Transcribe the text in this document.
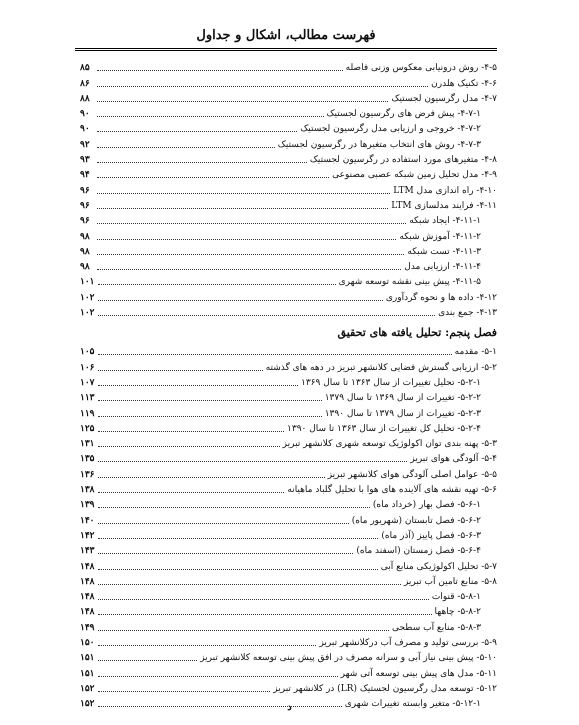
فهرست مطالب، اشکال و جداول
۴-۵- روش درونیابی معکوس وزنی فاصله
۸۵
۴-۶- تکنیک هلدرن
۸۶
۴-۷- مدل رگرسیون لجستیک
۸۸
۴-۷-۱- پیش فرض های رگرسیون لجستیک
۹۰
۴-۷-۲- خروجی و ارزیابی مدل رگرسیون لجستیک
۹۰
۴-۷-۳- روش های انتخاب متغیرها در رگرسیون لجستیک
۹۲
۴-۸- متغیرهای مورد استفاده در رگرسیون لجستیک
۹۳
۴-۹- مدل تحلیل زمین شبکه عصبی مصنوعی
۹۴
۴-۱۰- راه اندازی مدل LTM
۹۶
۴-۱۱- فرایند مدلسازی LTM
۹۶
۴-۱۱-۱- ایجاد شبکه
۹۶
۴-۱۱-۲- آموزش شبکه
۹۸
۴-۱۱-۳- تست شبکه
۹۸
۴-۱۱-۴- ارزیابی مدل
۹۸
۴-۱۱-۵- پیش بینی نقشه توسعه شهری
۱۰۱
۴-۱۲- داده ها و نحوه گردآوری
۱۰۲
۴-۱۳- جمع بندی
۱۰۲
فصل پنجم: تحلیل یافته های تحقیق
۵-۱- مقدمه
۱۰۵
۵-۲- ارزیابی گسترش فضایی کلانشهر تبریز در دهه های گذشته
۱۰۶
۵-۲-۱- تحلیل تغییرات از سال ۱۳۶۳ تا سال ۱۳۶۹
۱۰۷
۵-۲-۲- تغییرات از سال ۱۳۶۹ تا سال ۱۳۷۹
۱۱۳
۵-۲-۳- تغییرات از سال ۱۳۷۹ تا سال ۱۳۹۰
۱۱۹
۵-۲-۴- تحلیل کل تغییرات از سال ۱۳۶۳ تا سال ۱۳۹۰
۱۲۵
۵-۳- پهنه بندی توان اکولوژیک توسعه شهری کلانشهر تبریز
۱۳۱
۵-۴- آلودگی هوای تبریز
۱۳۵
۵-۵- عوامل اصلی آلودگی هوای کلانشهر تبریز
۱۳۶
۵-۶- تهیه نقشه های آلاینده های هوا با تحلیل گلباد ماهیانه
۱۳۸
۵-۶-۱- فصل بهار (خرداد ماه)
۱۳۹
۵-۶-۲- فصل تابستان (شهریور ماه)
۱۴۰
۵-۶-۳- فصل پاییز (آذر ماه)
۱۴۲
۵-۶-۴- فصل زمستان (اسفند ماه)
۱۴۳
۵-۷- تحلیل اکولوژیکی منابع آبی
۱۴۸
۵-۸- منابع تامین آب تبریز
۱۴۸
۵-۸-۱- قنوات
۱۴۸
۵-۸-۲- چاهها
۱۴۸
۵-۸-۳- منابع آب سطحی
۱۴۹
۵-۹- بررسی تولید و مصرف آب درکلانشهر تبریز
۱۵۰
۵-۱۰- پیش بینی نیاز آبی و سرانه مصرف در افق پیش بینی توسعه کلانشهر تبریز
۱۵۱
۵-۱۱- مدل های پیش بینی توسعه آتی شهر
۱۵۱
۵-۱۲- توسعه مدل رگرسیون لجستیک (LR) در کلانشهر تبریز
۱۵۲
۵-۱۲-۱- متغیر وابسته تغییرات شهری
۱۵۲	د
